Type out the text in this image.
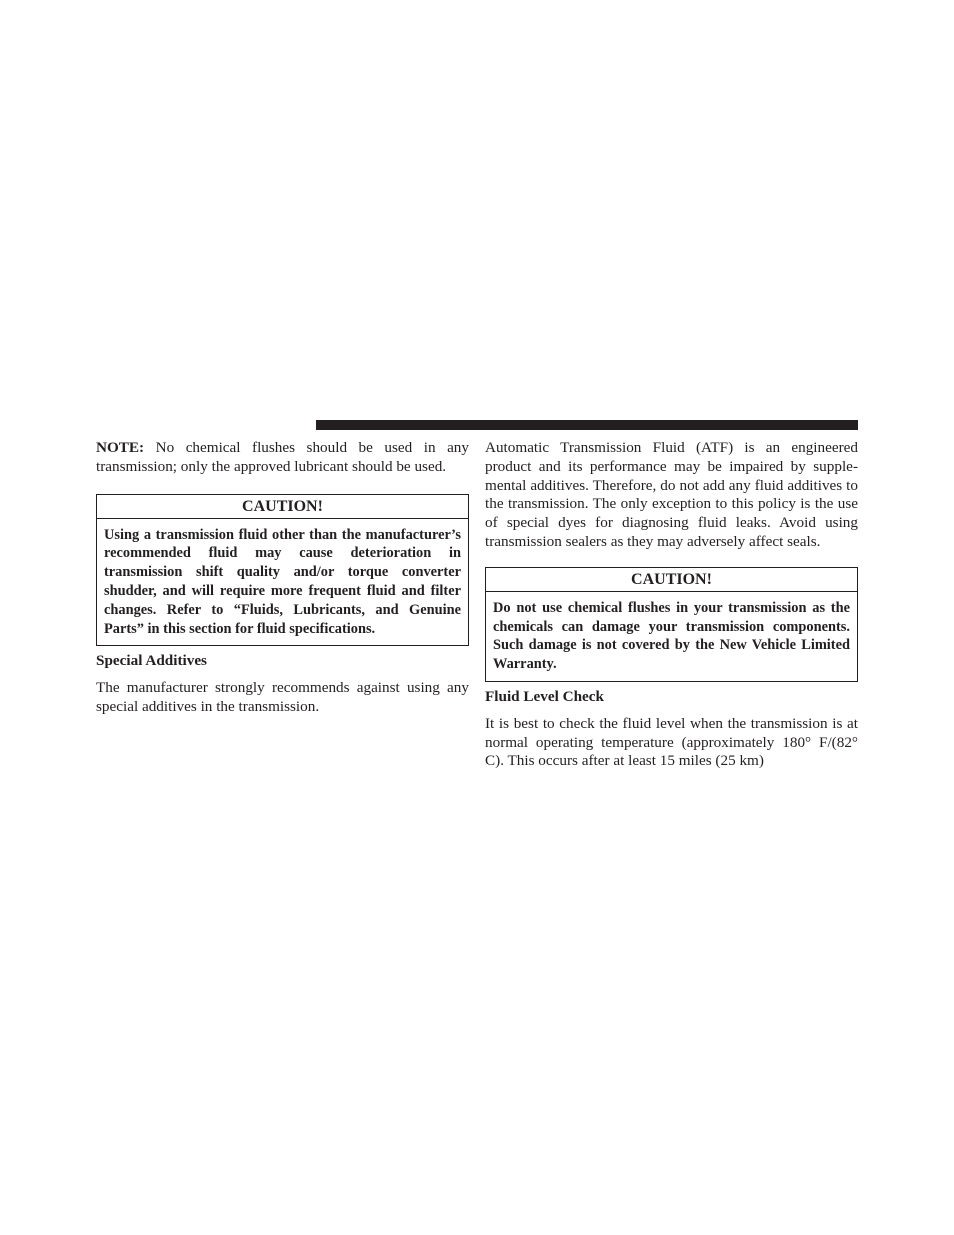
NOTE: No chemical flushes should be used in any transmission; only the approved lubricant should be used.

CAUTION!
Using a transmission fluid other than the manufacturer’s recommended fluid may cause deterioration in transmission shift quality and/or torque converter shudder, and will require more frequent fluid and filter changes. Refer to “Fluids, Lubricants, and Genuine Parts” in this section for fluid specifications.
Special Additives

The manufacturer strongly recommends against using any special additives in the transmission.

Automatic Transmission Fluid (ATF) is an engineered product and its performance may be impaired by supplemental additives. Therefore, do not add any fluid additives to the transmission. The only exception to this policy is the use of special dyes for diagnosing fluid leaks. Avoid using transmission sealers as they may adversely affect seals.

CAUTION!
Do not use chemical flushes in your transmission as the chemicals can damage your transmission components. Such damage is not covered by the New Vehicle Limited Warranty.
Fluid Level Check

It is best to check the fluid level when the transmission is at normal operating temperature (approximately 180° F/(82° C). This occurs after at least 15 miles (25 km)
